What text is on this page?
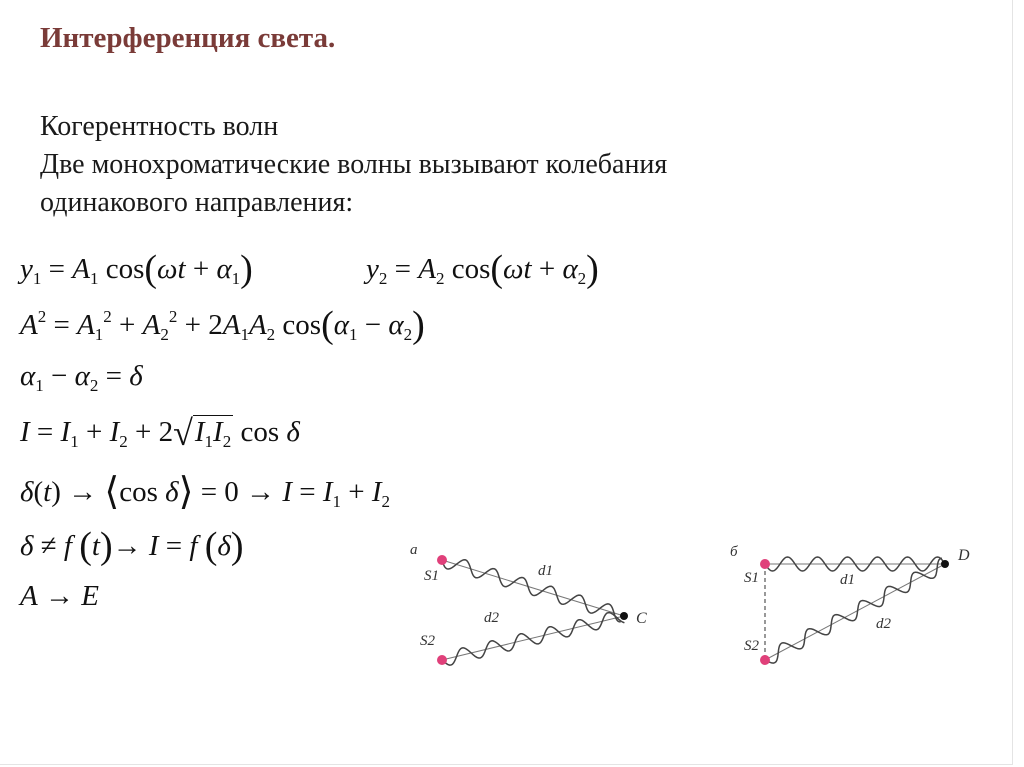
Интерференция света.
Когерентность волн
Две монохроматические волны вызывают колебания
одинакового направления:
$y_1 = A_1$ $\cos(\omega t + \alpha_1)$	$y_2 = A_2$ $\cos(\omega t + \alpha_2)$
$A^2 = A_1^2 + A_2^2 + 2A_1A_2$ $\cos(\alpha_1 - \alpha_2)$
$\alpha_1 - \alpha_2 = \delta$
$I = I_1 + I_2 + 2√I_1I_2$ cos δ
δ(t) → ⟨cos δ⟩ = $0 \to I = I_1 + I_2$
δ ≠ f (t)→ I = f (δ)
A → E
а
S1
S2
d1
d2	C
б
S1
S2
d1
d2
D
